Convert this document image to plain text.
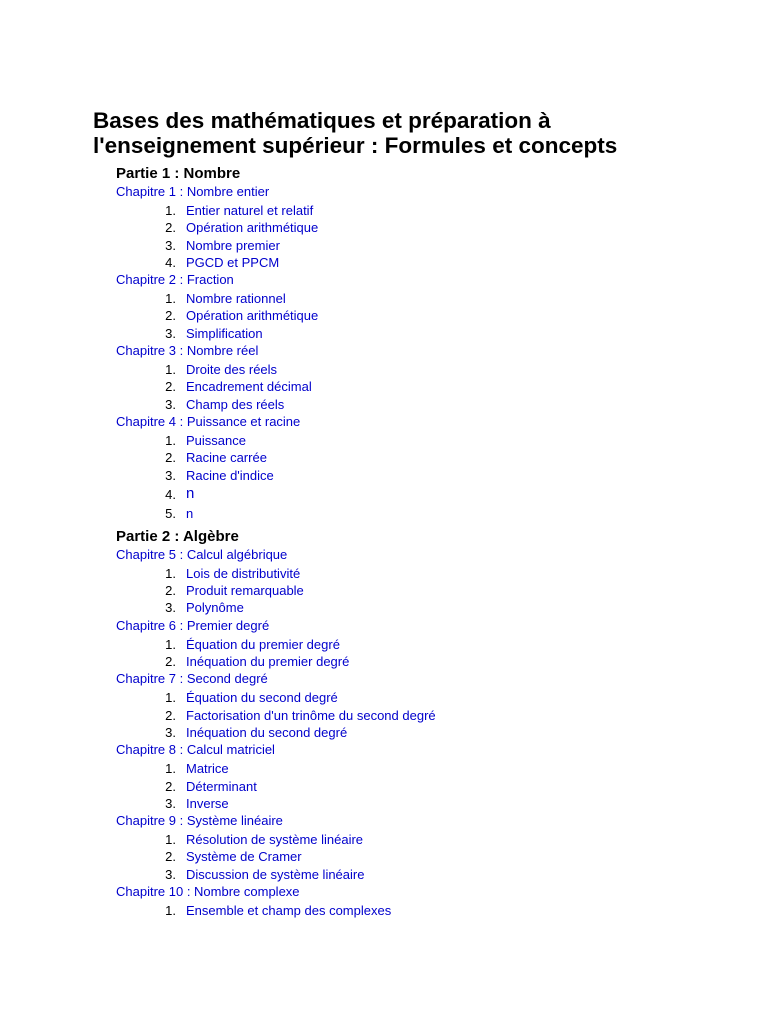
Bases des mathématiques et préparation à
l'enseignement supérieur : Formules et concepts
Partie 1 : Nombre
Chapitre 1 : Nombre entier
1. Entier naturel et relatif
2. Opération arithmétique
3. Nombre premier
4. PGCD et PPCM
Chapitre 2 : Fraction
1. Nombre rationnel
2. Opération arithmétique
3. Simplification
Chapitre 3 : Nombre réel
1. Droite des réels
2. Encadrement décimal
3. Champ des réels
Chapitre 4 : Puissance et racine
1. Puissance
2. Racine carrée
3. Racine d'indice
4. n
5. n
Partie 2 : Algèbre
Chapitre 5 : Calcul algébrique
1. Lois de distributivité
2. Produit remarquable
3. Polynôme
Chapitre 6 : Premier degré
1. Équation du premier degré
2. Inéquation du premier degré
Chapitre 7 : Second degré
1. Équation du second degré
2. Factorisation d'un trinôme du second degré
3. Inéquation du second degré
Chapitre 8 : Calcul matriciel
1. Matrice
2. Déterminant
3. Inverse
Chapitre 9 : Système linéaire
1. Résolution de système linéaire
2. Système de Cramer
3. Discussion de système linéaire
Chapitre 10 : Nombre complexe
1. Ensemble et champ des complexes
